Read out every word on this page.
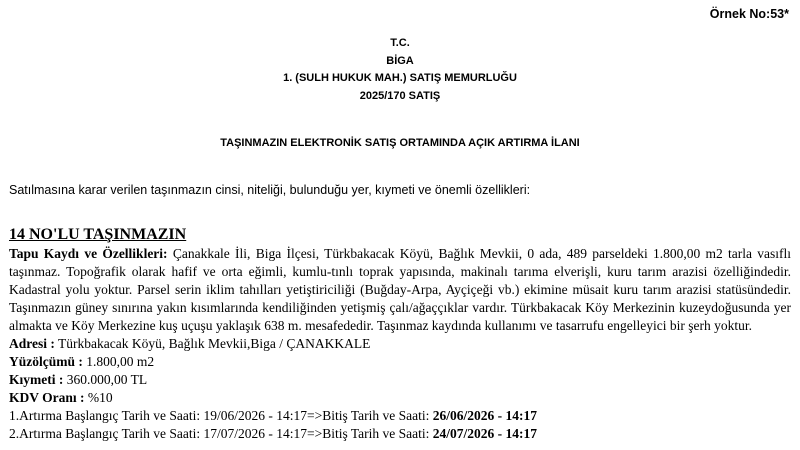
Örnek No:53*
T.C.
BİGA
1. (SULH HUKUK MAH.) SATIŞ MEMURLUĞU
2025/170 SATIŞ
TAŞINMAZIN ELEKTRONİK SATIŞ ORTAMINDA AÇIK ARTIRMA İLANI
Satılmasına karar verilen taşınmazın cinsi, niteliği, bulunduğu yer, kıymeti ve önemli özellikleri:
14 NO'LU TAŞINMAZIN
Tapu Kaydı ve Özellikleri: Çanakkale İli, Biga İlçesi, Türkbakacak Köyü, Bağlık Mevkii, 0 ada, 489 parseldeki 1.800,00 m2 tarla vasıflı taşınmaz. Topoğrafik olarak hafif ve orta eğimli, kumlu-tınlı toprak yapısında, makinalı tarıma elverişli, kuru tarım arazisi özelliğindedir. Kadastral yolu yoktur. Parsel serin iklim tahılları yetiştiriciliği (Buğday-Arpa, Ayçiçeği vb.) ekimine müsait kuru tarım arazisi statüsündedir. Taşınmazın güney sınırına yakın kısımlarında kendiliğinden yetişmiş çalı/ağaççıklar vardır. Türkbakacak Köy Merkezinin kuzeydoğusunda yer almakta ve Köy Merkezine kuş uçuşu yaklaşık 638 m. mesafededir. Taşınmaz kaydında kullanımı ve tasarrufu engelleyici bir şerh yoktur.
Adresi : Türkbakacak Köyü, Bağlık Mevkii,Biga / ÇANAKKALE
Yüzölçümü : 1.800,00 m2
Kıymeti : 360.000,00 TL
KDV Oranı : %10
1.Artırma Başlangıç Tarih ve Saati: 19/06/2026 - 14:17=>Bitiş Tarih ve Saati: 26/06/2026 - 14:17
2.Artırma Başlangıç Tarih ve Saati: 17/07/2026 - 14:17=>Bitiş Tarih ve Saati: 24/07/2026 - 14:17
